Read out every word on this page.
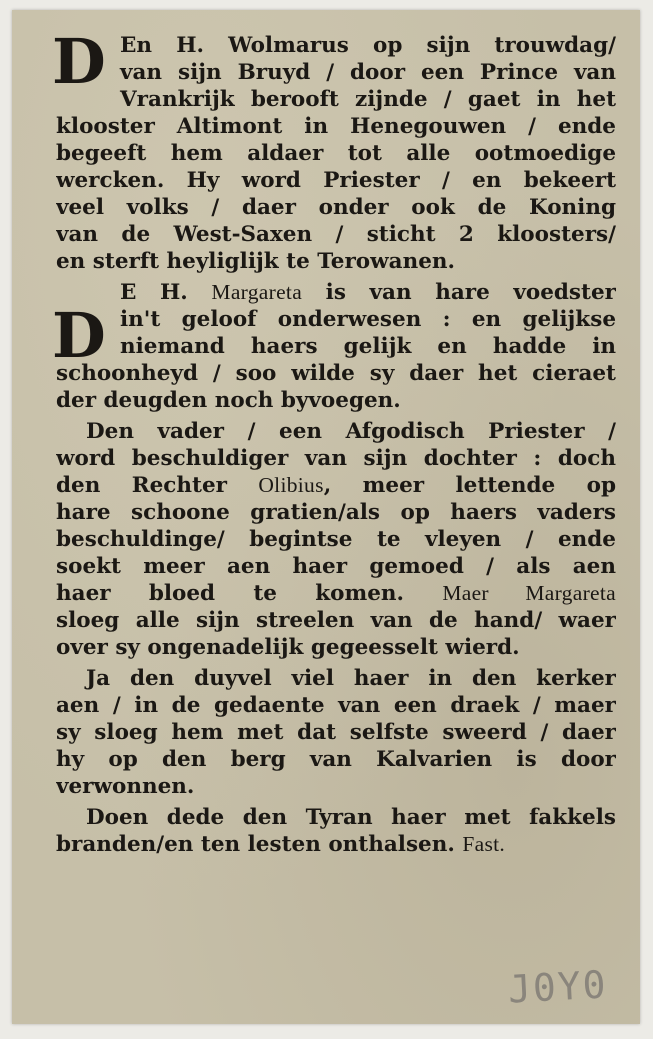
D En H. Wolmarus op sijn trouwdag/
van sijn Bruyd / door een Prince van
Vrankrijk berooft zijnde / gaet in het
klooster Altimont in Henegouwen / ende
begeeft hem aldaer tot alle ootmoedige
wercken. Hy word Priester / en bekeert
veel volks / daer onder ook de Koning
van de West-Saxen / sticht 2 kloosters/
en sterft heyliglijk te Terowanen.
D
E H. Margareta is van hare voedster
in't geloof onderwesen : en gelijkse
niemand haers gelijk en hadde in
schoonheyd / soo wilde sy daer het cieraet
der deugden noch byvoegen.
Den vader / een Afgodisch Priester /
word beschuldiger van sijn dochter : doch
den Rechter Olibius, meer lettende op
hare schoone gratien/als op haers vaders
beschuldinge/ begintse te vleyen / ende
soekt meer aen haer gemoed / als aen
haer bloed te komen. Maer Margareta
sloeg alle sijn streelen van de hand/ waer
over sy ongenadelijk gegeesselt wierd.
Ja den duyvel viel haer in den kerker
aen / in de gedaente van een draek / maer
sy sloeg hem met dat selfste sweerd / daer
hy op den berg van Kalvarien is door
verwonnen.
Doen dede den Tyran haer met fakkels
branden/en ten lesten onthalsen. Fast.
J0Y0
